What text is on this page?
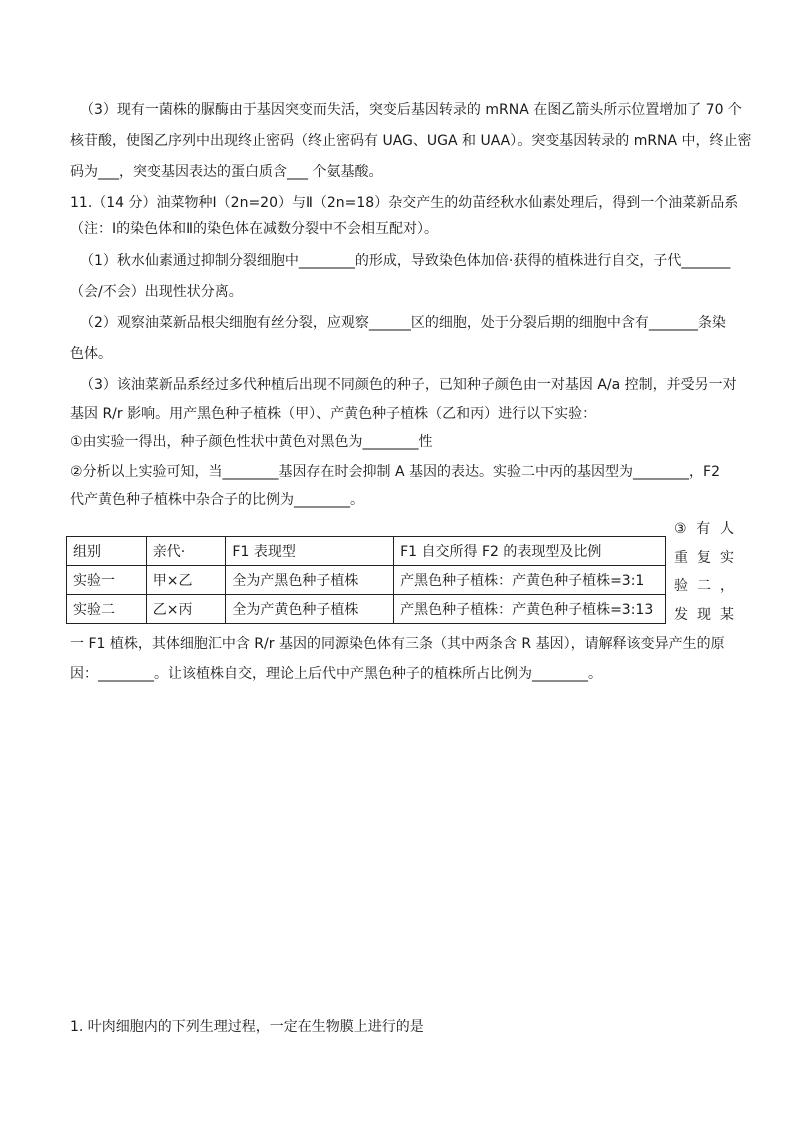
（3）现有一菌株的脲酶由于基因突变而失活，突变后基因转录的 mRNA 在图乙箭头所示位置增加了 70 个
核苷酸，使图乙序列中出现终止密码（终止密码有 UAG、UGA 和 UAA）。突变基因转录的 mRNA 中，终止密
码为___，突变基因表达的蛋白质含___ 个氨基酸。
11.（14 分）油菜物种Ⅰ（2n=20）与Ⅱ（2n=18）杂交产生的幼苗经秋水仙素处理后，得到一个油菜新品系
（注：Ⅰ的染色体和Ⅱ的染色体在减数分裂中不会相互配对）。
（1）秋水仙素通过抑制分裂细胞中________的形成，导致染色体加倍·获得的植株进行自交，子代_______
（会/不会）出现性状分离。
（2）观察油菜新品根尖细胞有丝分裂，应观察______区的细胞，处于分裂后期的细胞中含有_______条染
色体。
（3）该油菜新品系经过多代种植后出现不同颜色的种子，已知种子颜色由一对基因 A/a 控制，并受另一对
基因 R/r 影响。用产黑色种子植株（甲）、产黄色种子植株（乙和丙）进行以下实验：
①由实验一得出，种子颜色性状中黄色对黑色为________性
②分析以上实验可知，当________基因存在时会抑制 A 基因的表达。实验二中丙的基因型为________，F2
代产黄色种子植株中杂合子的比例为________。
③有人
重复实
验二，
发现某
组别	亲代·	F1 表现型	F1 自交所得 F2 的表现型及比例
实验一	甲×乙	全为产黑色种子植株	产黑色种子植株：产黄色种子植株=3:1
实验二	乙×丙	全为产黄色种子植株	产黑色种子植株：产黄色种子植株=3:13
一 F1 植株，其体细胞汇中含 R/r 基因的同源染色体有三条（其中两条含 R 基因），请解释该变异产生的原
因：________。让该植株自交，理论上后代中产黑色种子的植株所占比例为________。
1. 叶肉细胞内的下列生理过程，一定在生物膜上进行的是
